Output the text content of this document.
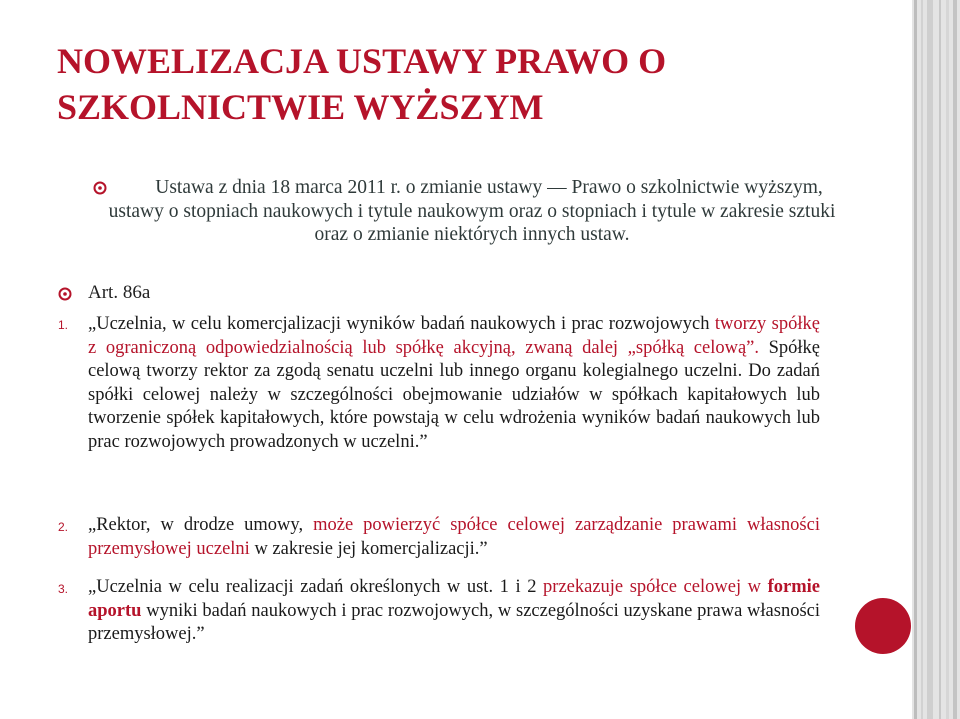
NOWELIZACJA USTAWY PRAWO O SZKOLNICTWIE WYŻSZYM

Ustawa z dnia 18 marca 2011 r. o zmianie ustawy — Prawo o szkolnictwie wyższym, ustawy o stopniach naukowych i tytule naukowym oraz o stopniach i tytule w zakresie sztuki oraz o zmianie niektórych innych ustaw.

Art. 86a
1. „Uczelnia, w celu komercjalizacji wyników badań naukowych i prac rozwojowych tworzy spółkę z ograniczoną odpowiedzialnością lub spółkę akcyjną, zwaną dalej „spółką celową”. Spółkę celową tworzy rektor za zgodą senatu uczelni lub innego organu kolegialnego uczelni. Do zadań spółki celowej należy w szczególności obejmowanie udziałów w spółkach kapitałowych lub tworzenie spółek kapitałowych, które powstają w celu wdrożenia wyników badań naukowych lub prac rozwojowych prowadzonych w uczelni.”

2. „Rektor, w drodze umowy, może powierzyć spółce celowej zarządzanie prawami własności przemysłowej uczelni w zakresie jej komercjalizacji.”

3. „Uczelnia w celu realizacji zadań określonych w ust. 1 i 2 przekazuje spółce celowej w formie aportu wyniki badań naukowych i prac rozwojowych, w szczególności uzyskane prawa własności przemysłowej.”
